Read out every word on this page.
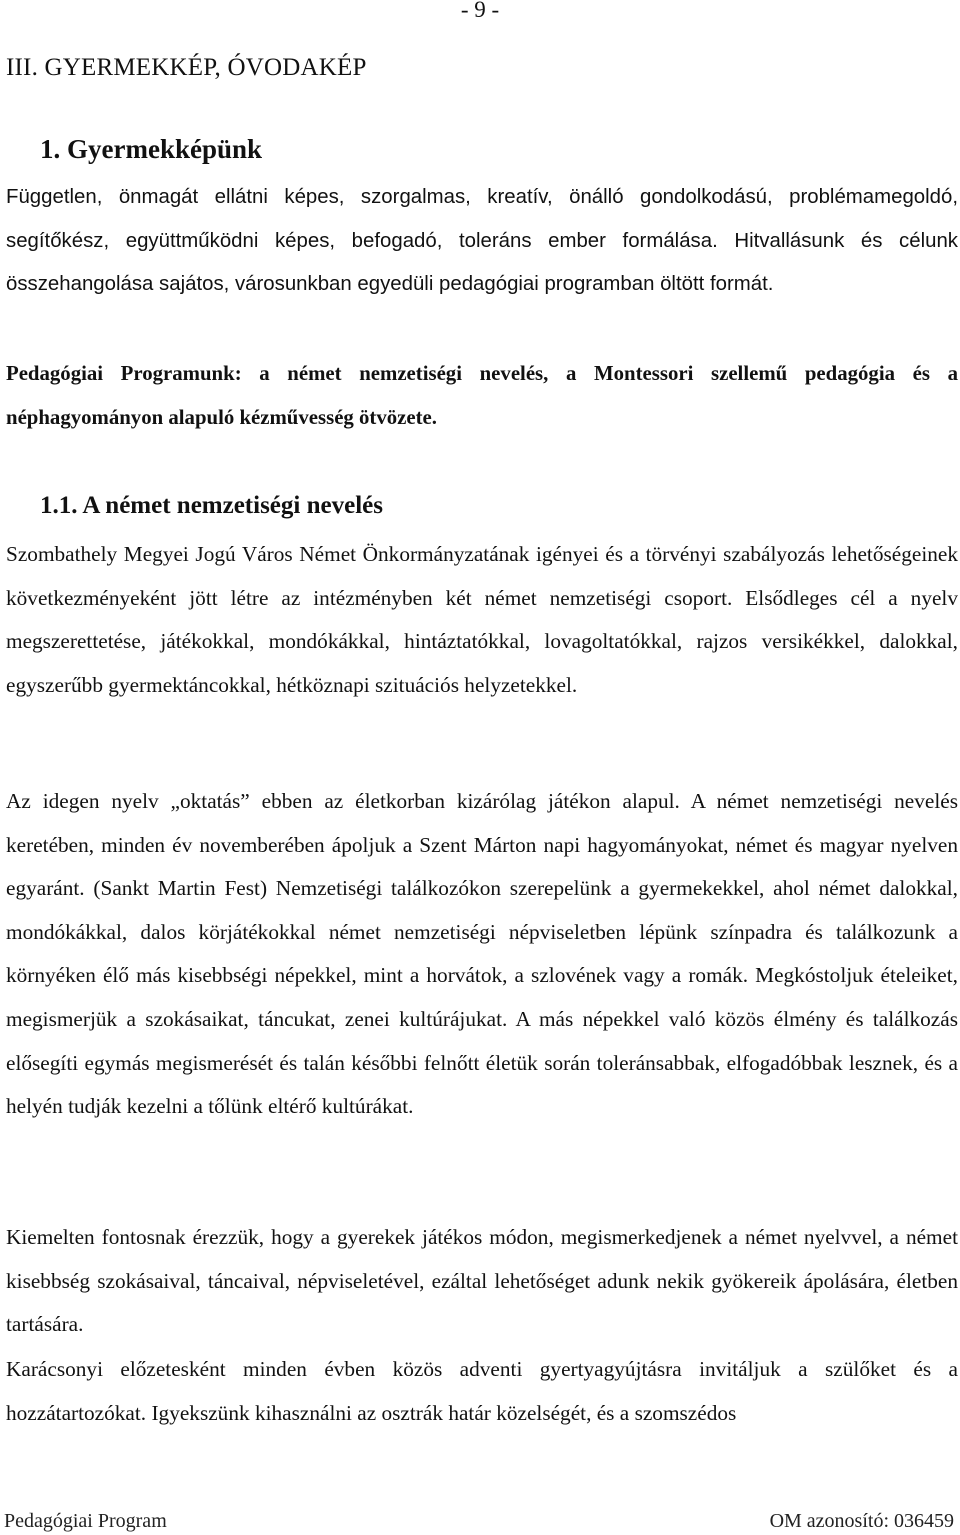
- 9 -
III. GYERMEKKÉP, ÓVODAKÉP
1. Gyermekképünk

Független, önmagát ellátni képes, szorgalmas, kreatív, önálló gondolkodású, problémamegoldó, segítőkész, együttműködni képes, befogadó, toleráns ember formálása. Hitvallásunk és célunk összehangolása sajátos, városunkban egyedüli pedagógiai programban öltött formát.

Pedagógiai Programunk: a német nemzetiségi nevelés, a Montessori szellemű pedagógia és a néphagyományon alapuló kézművesség ötvözete.

1.1. A német nemzetiségi nevelés

Szombathely Megyei Jogú Város Német Önkormányzatának igényei és a törvényi szabályozás lehetőségeinek következményeként jött létre az intézményben két német nemzetiségi csoport. Elsődleges cél a nyelv megszerettetése, játékokkal, mondókákkal, hintáztatókkal, lovagoltatókkal, rajzos versikékkel, dalokkal, egyszerűbb gyermektáncokkal, hétköznapi szituációs helyzetekkel.

Az idegen nyelv „oktatás” ebben az életkorban kizárólag játékon alapul. A német nemzetiségi nevelés keretében, minden év novemberében ápoljuk a Szent Márton napi hagyományokat, német és magyar nyelven egyaránt. (Sankt Martin Fest) Nemzetiségi találkozókon szerepelünk a gyermekekkel, ahol német dalokkal, mondókákkal, dalos körjátékokkal német nemzetiségi népviseletben lépünk színpadra és találkozunk a környéken élő más kisebbségi népekkel, mint a horvátok, a szlovének vagy a romák. Megkóstoljuk ételeiket, megismerjük a szokásaikat, táncukat, zenei kultúrájukat. A más népekkel való közös élmény és találkozás elősegíti egymás megismerését és talán későbbi felnőtt életük során toleránsabbak, elfogadóbbak lesznek, és a helyén tudják kezelni a tőlünk eltérő kultúrákat.

Kiemelten fontosnak érezzük, hogy a gyerekek játékos módon, megismerkedjenek a német nyelvvel, a német kisebbség szokásaival, táncaival, népviseletével, ezáltal lehetőséget adunk nekik gyökereik ápolására, életben tartására.

Karácsonyi előzetesként minden évben közös adventi gyertyagyújtásra invitáljuk a szülőket és a hozzátartozókat. Igyekszünk kihasználni az osztrák határ közelségét, és a szomszédos

Pedagógiai Program	OM azonosító: 036459
